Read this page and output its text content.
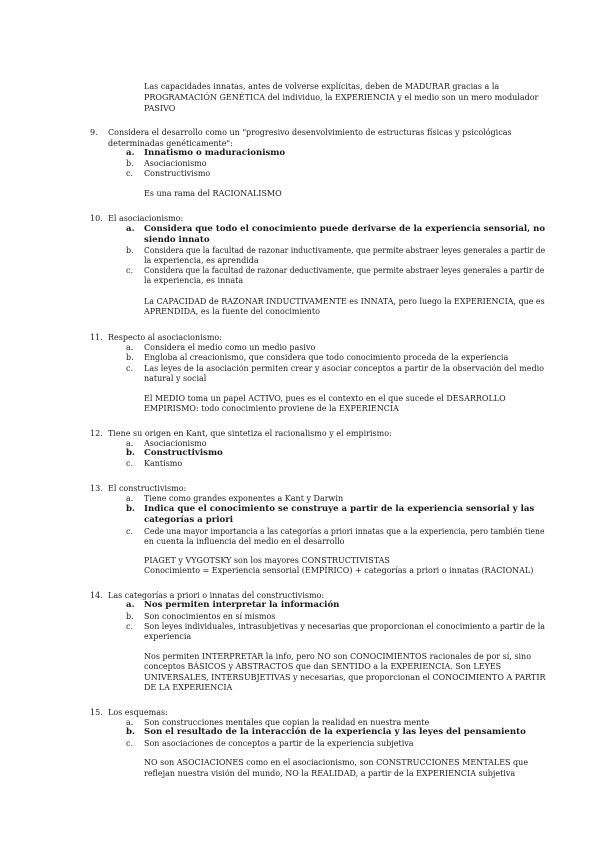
Las capacidades innatas, antes de volverse explícitas, deben de MADURAR gracias a la
PROGRAMACIÓN GENÉTICA del individuo, la EXPERIENCIA y el medio son un mero modulador
PASIVO
9. Considera el desarrollo como un "progresivo desenvolvimiento de estructuras físicas y psicológicas
determinadas genéticamente":
a. Innatismo o maduracionismo
b. Asociacionismo
c. Constructivismo
Es una rama del RACIONALISMO
10. El asociacionismo:
a. Considera que todo el conocimiento puede derivarse de la experiencia sensorial, no
siendo innato
b. Considera que la facultad de razonar inductivamente, que permite abstraer leyes generales a partir de
la experiencia, es aprendida
c. Considera que la facultad de razonar deductivamente, que permite abstraer leyes generales a partir de
la experiencia, es innata
La CAPACIDAD de RAZONAR INDUCTIVAMENTE es INNATA, pero luego la EXPERIENCIA, que es
APRENDIDA, es la fuente del conocimiento
11. Respecto al asociacionismo:
a. Considera el medio como un medio pasivo
b. Engloba al creacionismo, que considera que todo conocimiento proceda de la experiencia
c. Las leyes de la asociación permiten crear y asociar conceptos a partir de la observación del medio
natural y social
El MEDIO toma un papel ACTIVO, pues es el contexto en el que sucede el DESARROLLO
EMPIRISMO: todo conocimiento proviene de la EXPERIENCIA
12. Tiene su origen en Kant, que sintetiza el racionalismo y el empirismo:
a. Asociacionismo
b. Constructivismo
c. Kantismo
13. El constructivismo:
a. Tiene como grandes exponentes a Kant y Darwin
b. Indica que el conocimiento se construye a partir de la experiencia sensorial y las
categorías a priori
c. Cede una mayor importancia a las categorías a priori innatas que a la experiencia, pero también tiene
en cuenta la influencia del medio en el desarrollo
PIAGET y VYGOTSKY son los mayores CONSTRUCTIVISTAS
Conocimiento = Experiencia sensorial (EMPÍRICO) + categorías a priori o innatas (RACIONAL)
14. Las categorías a priori o innatas del constructivismo:
a. Nos permiten interpretar la información
b. Son conocimientos en sí mismos
c. Son leyes individuales, intrasubjetivas y necesarias que proporcionan el conocimiento a partir de la
experiencia
Nos permiten INTERPRETAR la info, pero NO son CONOCIMIENTOS racionales de por sí, sino
conceptos BÁSICOS y ABSTRACTOS que dan SENTIDO a la EXPERIENCIA. Son LEYES
UNIVERSALES, INTERSUBJETIVAS y necesarias, que proporcionan el CONOCIMIENTO A PARTIR
DE LA EXPERIENCIA
15. Los esquemas:
a. Son construcciones mentales que copian la realidad en nuestra mente
b. Son el resultado de la interacción de la experiencia y las leyes del pensamiento
c. Son asociaciones de conceptos a partir de la experiencia subjetiva
NO son ASOCIACIONES como en el asociacionismo, son CONSTRUCCIONES MENTALES que
reflejan nuestra visión del mundo, NO la REALIDAD, a partir de la EXPERIENCIA subjetiva
